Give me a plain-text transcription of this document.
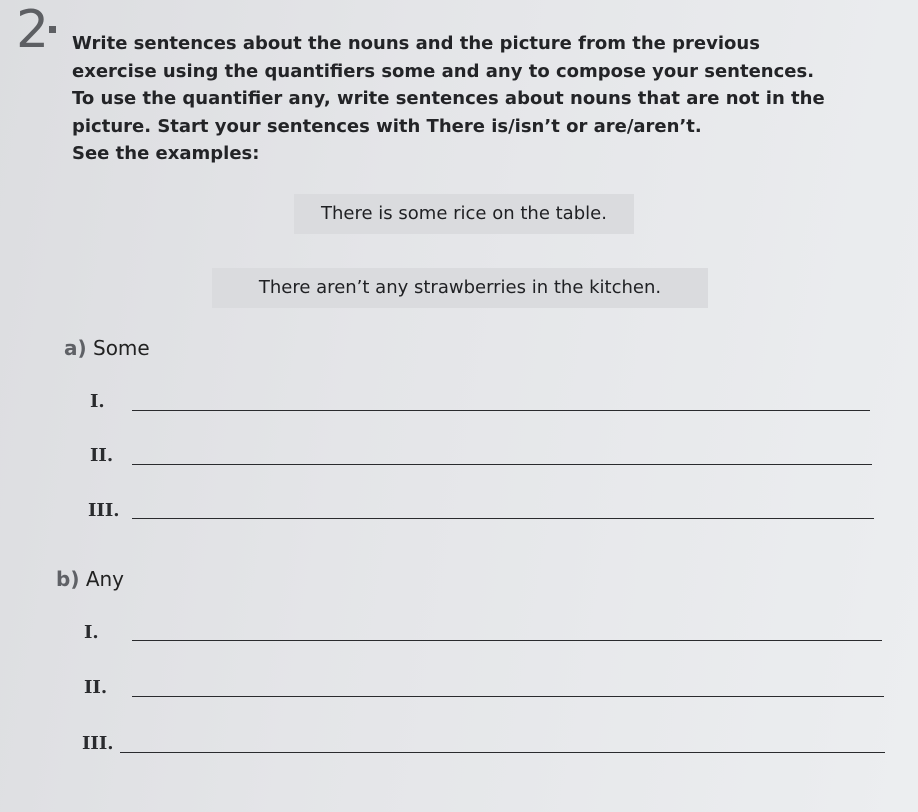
2 Write sentences about the nouns and the picture from the previous

exercise using the quantifiers some and any to compose your sentences.

To use the quantifier any, write sentences about nouns that are not in the

picture. Start your sentences with There is/isn’t or are/aren’t.

See the examples:

There is some rice on the table.
There aren’t any strawberries in the kitchen.
a) Some
I.
II.
III.
b) Any
I.
II.
III.
